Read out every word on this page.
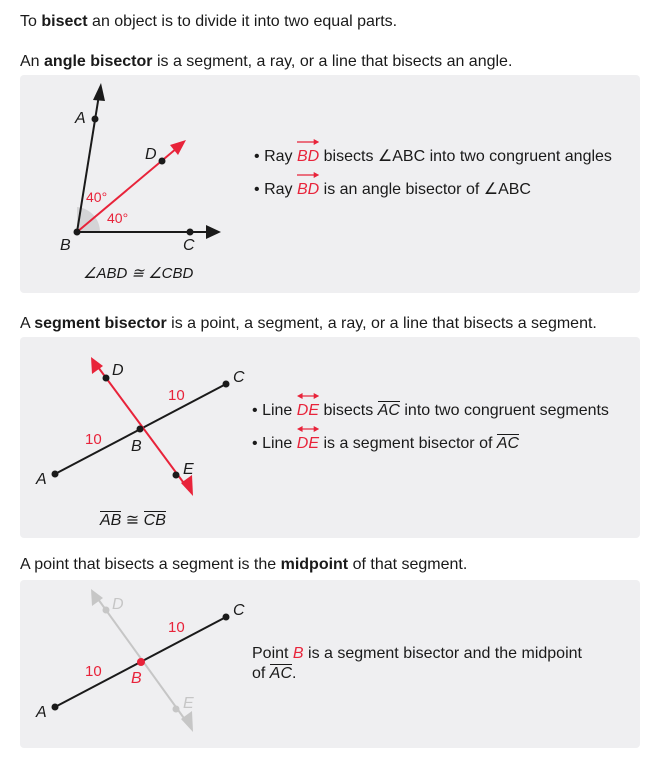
To bisect an object is to divide it into two equal parts.

An angle bisector is a segment, a ray, or a line that bisects an angle.

A
B	C
D
40°
40°
∠ABD ≅ ∠CBD
• Ray
BD bisects ∠ABC into two congruent angles
• Ray
BD is an angle bisector of ∠ABC

A segment bisector is a point, a segment, a ray, or a line that bisects a segment.

A
B
C
D
E
10
10

AB ≅ CB

• Line
DE bisects AC into two congruent segments
• Line
DE is a segment bisector of AC

A point that bisects a segment is the midpoint of that segment.

D
E
A
B
C
10
10

Point B is a segment bisector and the midpoint
of AC.
